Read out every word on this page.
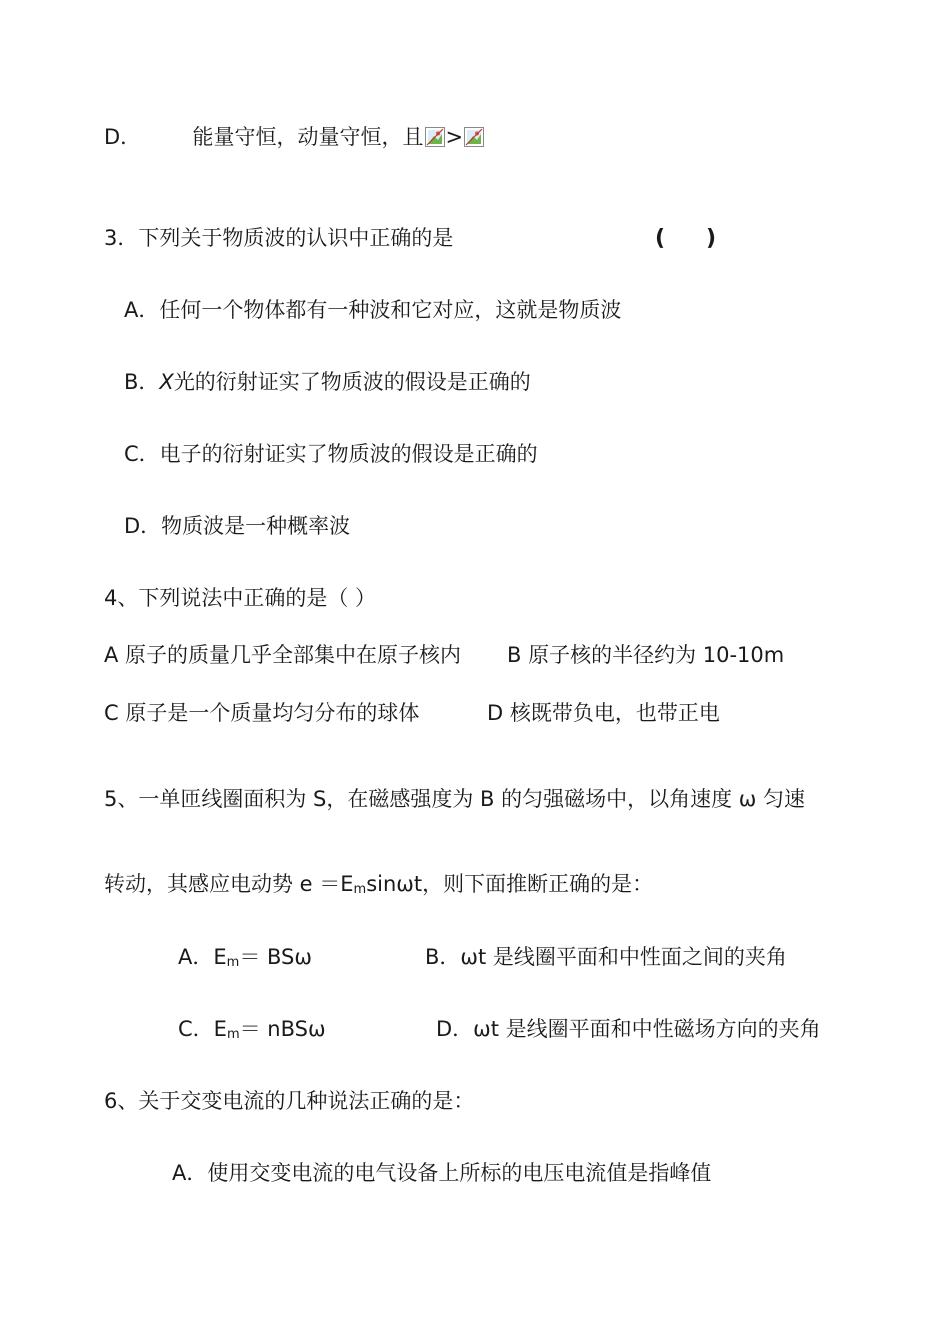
D． 能量守恒，动量守恒，且 >
3．下列关于物质波的认识中正确的是	( )
A．任何一个物体都有一种波和它对应，这就是物质波
B．X光的衍射证实了物质波的假设是正确的
C．电子的衍射证实了物质波的假设是正确的
D．物质波是一种概率波
4、下列说法中正确的是（ ）
A 原子的质量几乎全部集中在原子核内 B 原子核的半径约为 10-10m
C 原子是一个质量均匀分布的球体	D 核既带负电，也带正电
5、一单匝线圈面积为 S，在磁感强度为 B 的匀强磁场中，以角速度 ω 匀速
转动，其感应电动势 $e =E_m\sin\omega t$，则下面推断正确的是：
A．$E_m= BS\omega$	B．ωt 是线圈平面和中性面之间的夹角
C．$E_m= nBS\omega$	D．ωt 是线圈平面和中性磁场方向的夹角
6、关于交变电流的几种说法正确的是：
A．使用交变电流的电气设备上所标的电压电流值是指峰值
